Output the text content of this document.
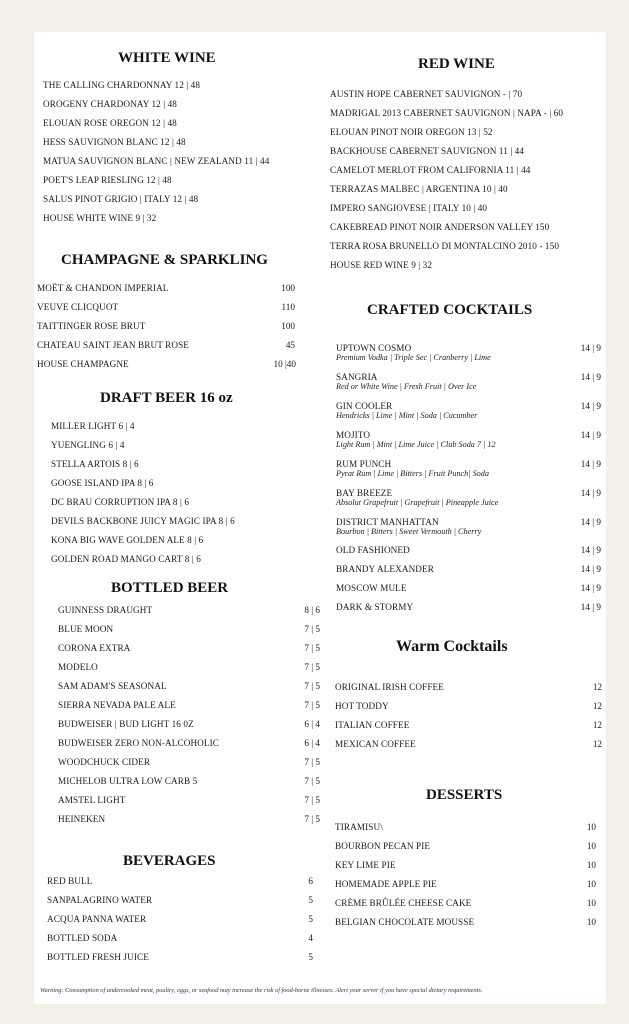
WHITE WINE
THE CALLING CHARDONNAY 12 | 48
OROGENY CHARDONAY 12 | 48
ELOUAN ROSE OREGON 12 | 48
HESS SAUVIGNON BLANC 12 | 48
MATUA SAUVIGNON BLANC | NEW ZEALAND 11 | 44
POET'S LEAP RIESLING 12 | 48
SALUS PINOT GRIGIO | ITALY 12 | 48
HOUSE WHITE WINE 9 | 32
CHAMPAGNE & SPARKLING
MOËT & CHANDON IMPERIAL	100
VEUVE CLICQUOT	110
TAITTINGER ROSE BRUT	100
CHATEAU SAINT JEAN BRUT ROSE	45
HOUSE CHAMPAGNE	10 |40
DRAFT BEER 16 oz
MILLER LIGHT 6 | 4
YUENGLING 6 | 4
STELLA ARTOIS 8 | 6
GOOSE ISLAND IPA 8 | 6
DC BRAU CORRUPTION IPA 8 | 6
DEVILS BACKBONE JUICY MAGIC IPA 8 | 6
KONA BIG WAVE GOLDEN ALE 8 | 6
GOLDEN ROAD MANGO CART 8 | 6
BOTTLED BEER
GUINNESS DRAUGHT	8 | 6
BLUE MOON	7 | 5
CORONA EXTRA	7 | 5
MODELO	7 | 5
SAM ADAM'S SEASONAL	7 | 5
SIERRA NEVADA PALE ALE	7 | 5
BUDWEISER | BUD LIGHT 16 0Z	6 | 4
BUDWEISER ZERO NON-ALCOHOLIC	6 | 4
WOODCHUCK CIDER	7 | 5
MICHELOB ULTRA LOW CARB 5	7 | 5
AMSTEL LIGHT	7 | 5
HEINEKEN	7 | 5
BEVERAGES
RED BULL	6
SANPALAGRINO WATER	5
ACQUA PANNA WATER	5
BOTTLED SODA	4
BOTTLED FRESH JUICE	5
RED WINE
AUSTIN HOPE CABERNET SAUVIGNON - | 70
MADRIGAL 2013 CABERNET SAUVIGNON | NAPA - | 60
ELOUAN PINOT NOIR OREGON 13 | 52
BACKHOUSE CABERNET SAUVIGNON 11 | 44
CAMELOT MERLOT FROM CALIFORNIA 11 | 44
TERRAZAS MALBEC | ARGENTINA 10 | 40
IMPERO SANGIOVESE | ITALY 10 | 40
CAKEBREAD PINOT NOIR ANDERSON VALLEY 150
TERRA ROSA BRUNELLO DI MONTALCINO 2010 - 150
HOUSE RED WINE 9 | 32
CRAFTED COCKTAILS
UPTOWN COSMO	14 | 9
Premium Vodka | Triple Sec | Cranberry | Lime
SANGRIA	14 | 9
Red or White Wine | Fresh Fruit | Over Ice
GIN COOLER	14 | 9
Hendricks | Lime | Mint | Soda | Cucumber
MOJITO	14 | 9
Light Rum | Mint | Lime Juice | Club Soda 7 | 12
RUM PUNCH	14 | 9
Pyrat Rum | Lime | Bitters | Fruit Punch| Soda
BAY BREEZE	14 | 9
Absolut Grapefruit | Grapefruit | Pineapple Juice
DISTRICT MANHATTAN	14 | 9
Bourbon | Bitters | Sweet Vermouth | Cherry
OLD FASHIONED	14 | 9
BRANDY ALEXANDER	14 | 9
MOSCOW MULE	14 | 9
DARK & STORMY	14 | 9
Warm Cocktails
ORIGINAL IRISH COFFEE	12
HOT TODDY	12
ITALIAN COFFEE	12
MEXICAN COFFEE	12
DESSERTS
TIRAMISU\	10
BOURBON PECAN PIE	10
KEY LIME PIE	10
HOMEMADE APPLE PIE	10
CRÈME BRÛLÉE CHEESE CAKE	10
BELGIAN CHOCOLATE MOUSSE	10
Warning: Consumption of undercooked meat, poultry, eggs, or seafood may increase the risk of food-borne illnesses. Alert your server if you have special dietary requirements.
